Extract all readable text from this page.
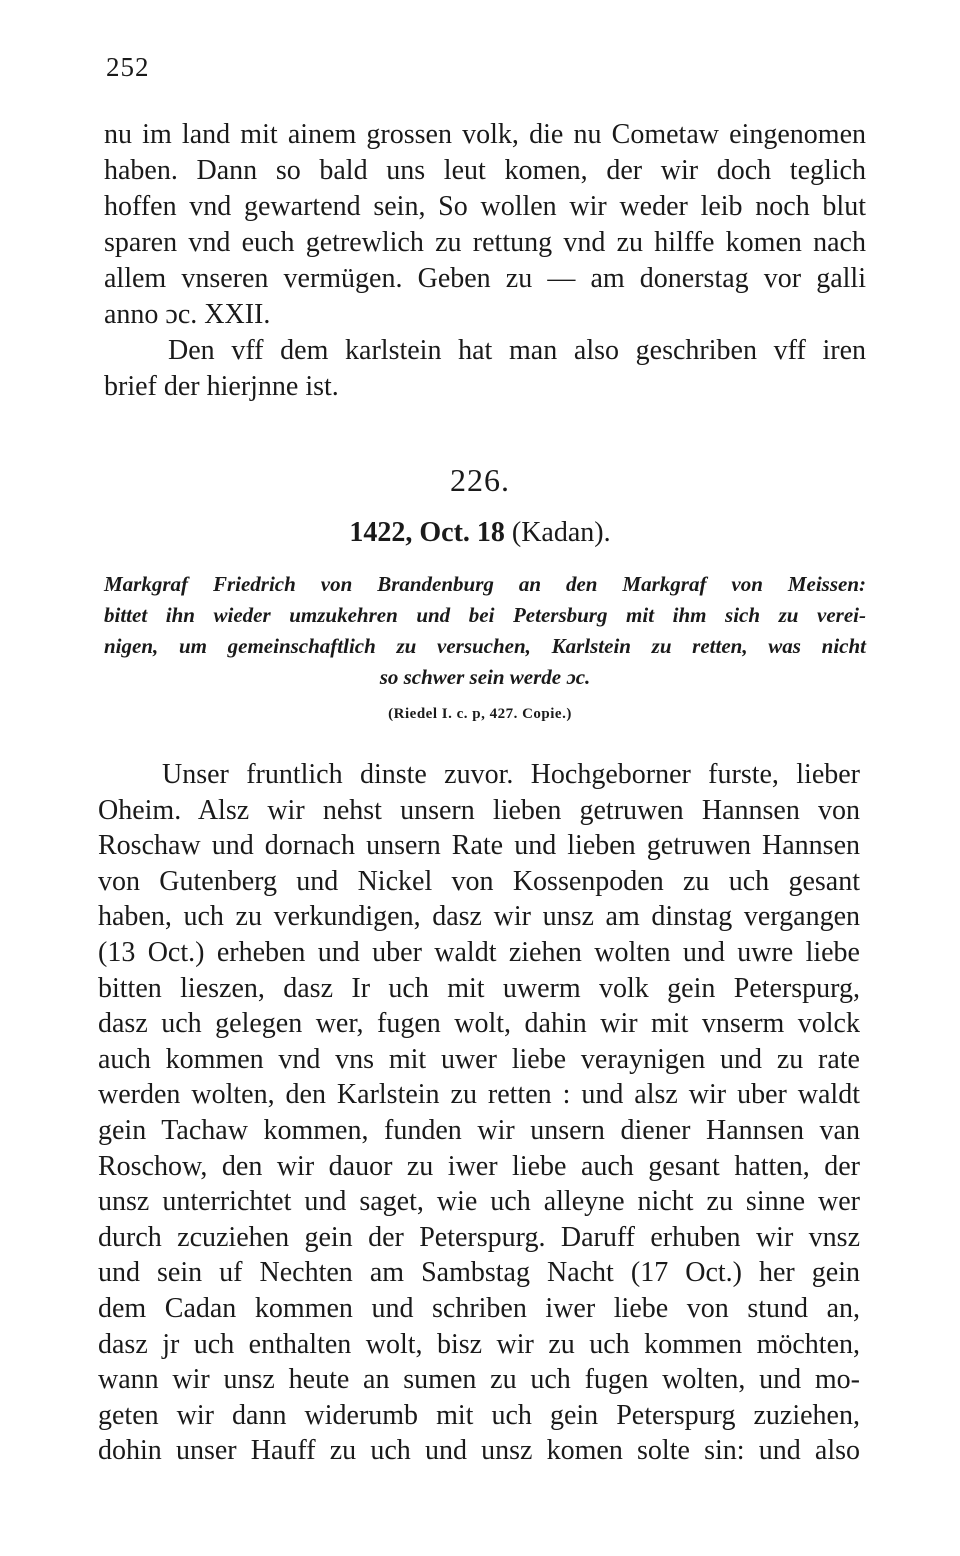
252
nu im land mit ainem grossen volk, die nu Cometaw eingenomen
haben. Dann so bald uns leut komen, der wir doch teglich
hoffen vnd gewartend sein, So wollen wir weder leib noch blut
sparen vnd euch getrewlich zu rettung vnd zu hilffe komen nach
allem vnseren vermügen. Geben zu — am donerstag vor galli
anno ɔc. XXII.
Den vff dem karlstein hat man also geschriben vff iren
brief der hierjnne ist.
226.
1422, Oct. 18 (Kadan).
Markgraf Friedrich von Brandenburg an den Markgraf von Meissen:
bittet ihn wieder umzukehren und bei Petersburg mit ihm sich zu verei-
nigen, um gemeinschaftlich zu versuchen, Karlstein zu retten, was nicht
so schwer sein werde ɔc.
(Riedel I. c. p, 427. Copie.)
Unser fruntlich dinste zuvor. Hochgeborner furste, lieber
Oheim. Alsz wir nehst unsern lieben getruwen Hannsen von
Roschaw und dornach unsern Rate und lieben getruwen Hannsen
von Gutenberg und Nickel von Kossenpoden zu uch gesant
haben, uch zu verkundigen, dasz wir unsz am dinstag vergangen
(13 Oct.) erheben und uber waldt ziehen wolten und uwre liebe
bitten lieszen, dasz Ir uch mit uwerm volk gein Peterspurg,
dasz uch gelegen wer, fugen wolt, dahin wir mit vnserm volck
auch kommen vnd vns mit uwer liebe veraynigen und zu rate
werden wolten, den Karlstein zu retten : und alsz wir uber waldt
gein Tachaw kommen, funden wir unsern diener Hannsen van
Roschow, den wir dauor zu iwer liebe auch gesant hatten, der
unsz unterrichtet und saget, wie uch alleyne nicht zu sinne wer
durch zcuziehen gein der Peterspurg. Daruff erhuben wir vnsz
und sein uf Nechten am Sambstag Nacht (17 Oct.) her gein
dem Cadan kommen und schriben iwer liebe von stund an,
dasz jr uch enthalten wolt, bisz wir zu uch kommen möchten,
wann wir unsz heute an sumen zu uch fugen wolten, und mo-
geten wir dann widerumb mit uch gein Peterspurg zuziehen,
dohin unser Hauff zu uch und unsz komen solte sin: und also
